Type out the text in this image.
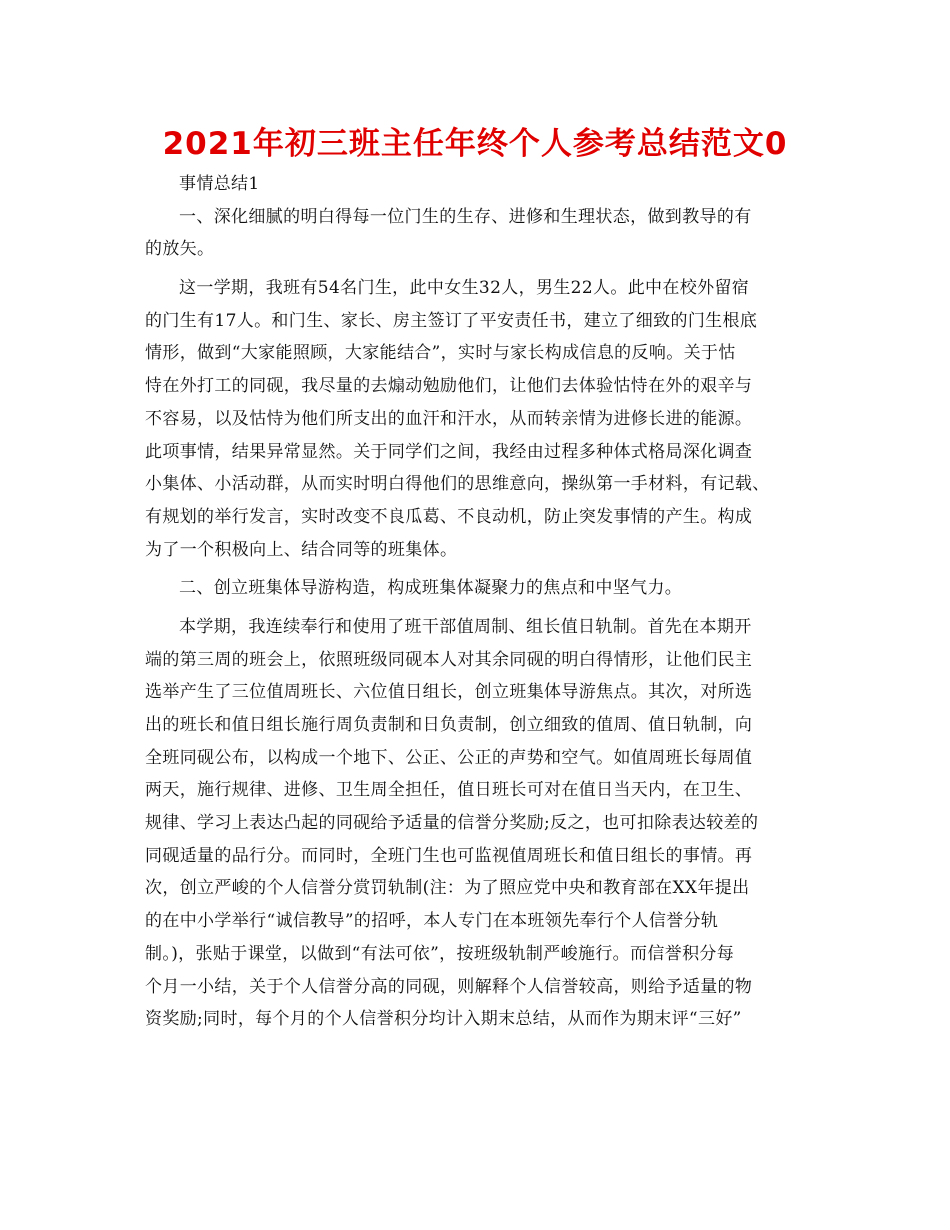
2021年初三班主任年终个人参考总结范文0
事情总结1
一、深化细腻的明白得每一位门生的生存、进修和生理状态，做到教导的有
的放矢。
这一学期，我班有54名门生，此中女生32人，男生22人。此中在校外留宿
的门生有17人。和门生、家长、房主签订了平安责任书，建立了细致的门生根底
情形，做到“大家能照顾，大家能结合”，实时与家长构成信息的反响。关于怙
恃在外打工的同砚，我尽量的去煽动勉励他们，让他们去体验怙恃在外的艰辛与
不容易，以及怙恃为他们所支出的血汗和汗水，从而转亲情为进修长进的能源。
此项事情，结果异常显然。关于同学们之间，我经由过程多种体式格局深化调查
小集体、小活动群，从而实时明白得他们的思维意向，操纵第一手材料，有记载、
有规划的举行发言，实时改变不良瓜葛、不良动机，防止突发事情的产生。构成
为了一个积极向上、结合同等的班集体。
二、创立班集体导游构造，构成班集体凝聚力的焦点和中坚气力。
本学期，我连续奉行和使用了班干部值周制、组长值日轨制。首先在本期开
端的第三周的班会上，依照班级同砚本人对其余同砚的明白得情形，让他们民主
选举产生了三位值周班长、六位值日组长，创立班集体导游焦点。其次，对所选
出的班长和值日组长施行周负责制和日负责制，创立细致的值周、值日轨制，向
全班同砚公布，以构成一个地下、公正、公正的声势和空气。如值周班长每周值
两天，施行规律、进修、卫生周全担任，值日班长可对在值日当天内，在卫生、
规律、学习上表达凸起的同砚给予适量的信誉分奖励;反之，也可扣除表达较差的
同砚适量的品行分。而同时，全班门生也可监视值周班长和值日组长的事情。再
次，创立严峻的个人信誉分赏罚轨制(注：为了照应党中央和教育部在XX年提出
的在中小学举行“诚信教导”的招呼，本人专门在本班领先奉行个人信誉分轨
制。)，张贴于课堂，以做到“有法可依”，按班级轨制严峻施行。而信誉积分每
个月一小结，关于个人信誉分高的同砚，则解释个人信誉较高，则给予适量的物
资奖励;同时，每个月的个人信誉积分均计入期末总结，从而作为期末评“三好”
